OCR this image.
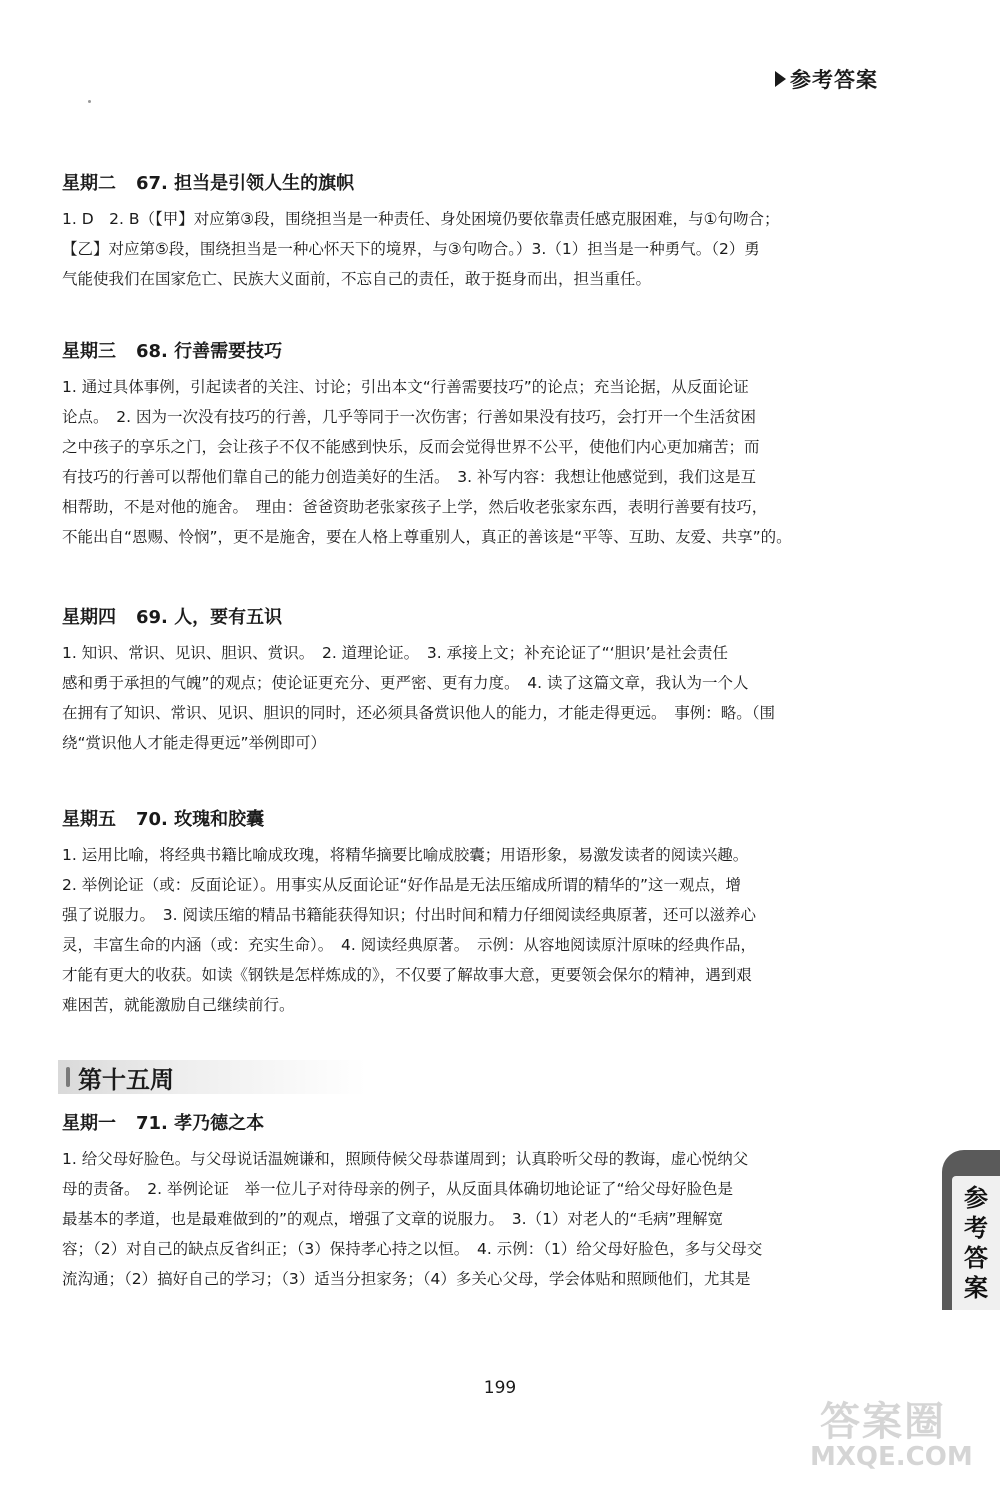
参考答案
星期二 67. 担当是引领人生的旗帜

1. D　2. B（【甲】对应第③段，围绕担当是一种责任、身处困境仍要依靠责任感克服困难，与①句吻合；

【乙】对应第⑤段，围绕担当是一种心怀天下的境界，与③句吻合。）3.（1）担当是一种勇气。（2）勇

气能使我们在国家危亡、民族大义面前，不忘自己的责任，敢于挺身而出，担当重任。

星期三 68. 行善需要技巧

1. 通过具体事例，引起读者的关注、讨论；引出本文“行善需要技巧”的论点；充当论据，从反面论证

论点。　2. 因为一次没有技巧的行善，几乎等同于一次伤害；行善如果没有技巧，会打开一个生活贫困

之中孩子的享乐之门，会让孩子不仅不能感到快乐，反而会觉得世界不公平，使他们内心更加痛苦；而

有技巧的行善可以帮他们靠自己的能力创造美好的生活。　3. 补写内容：我想让他感觉到，我们这是互

相帮助，不是对他的施舍。　理由：爸爸资助老张家孩子上学，然后收老张家东西，表明行善要有技巧，

不能出自“恩赐、怜悯”，更不是施舍，要在人格上尊重别人，真正的善该是“平等、互助、友爱、共享”的。

星期四 69. 人，要有五识

1. 知识、常识、见识、胆识、赏识。　2. 道理论证。　3. 承接上文；补充论证了“‘胆识’是社会责任

感和勇于承担的气魄”的观点；使论证更充分、更严密、更有力度。　4. 读了这篇文章，我认为一个人

在拥有了知识、常识、见识、胆识的同时，还必须具备赏识他人的能力，才能走得更远。　事例：略。（围

绕“赏识他人才能走得更远”举例即可）

星期五 70. 玫瑰和胶囊

1. 运用比喻，将经典书籍比喻成玫瑰，将精华摘要比喻成胶囊；用语形象，易激发读者的阅读兴趣。

2. 举例论证（或：反面论证）。用事实从反面论证“好作品是无法压缩成所谓的精华的”这一观点，增

强了说服力。　3. 阅读压缩的精品书籍能获得知识；付出时间和精力仔细阅读经典原著，还可以滋养心

灵，丰富生命的内涵（或：充实生命）。　4. 阅读经典原著。　示例：从容地阅读原汁原味的经典作品，

才能有更大的收获。如读《钢铁是怎样炼成的》，不仅要了解故事大意，更要领会保尔的精神，遇到艰

难困苦，就能激励自己继续前行。

第十五周
星期一 71. 孝乃德之本

1. 给父母好脸色。与父母说话温婉谦和，照顾侍候父母恭谨周到；认真聆听父母的教诲，虚心悦纳父

母的责备。　2. 举例论证　举一位儿子对待母亲的例子，从反面具体确切地论证了“给父母好脸色是

最基本的孝道，也是最难做到的”的观点，增强了文章的说服力。　3.（1）对老人的“毛病”理解宽

容；（2）对自己的缺点反省纠正；（3）保持孝心持之以恒。　4. 示例：（1）给父母好脸色，多与父母交

流沟通；（2）搞好自己的学习；（3）适当分担家务；（4）多关心父母，学会体贴和照顾他们，尤其是

参
考
答
案
199
答案圈
MXQE.COM
